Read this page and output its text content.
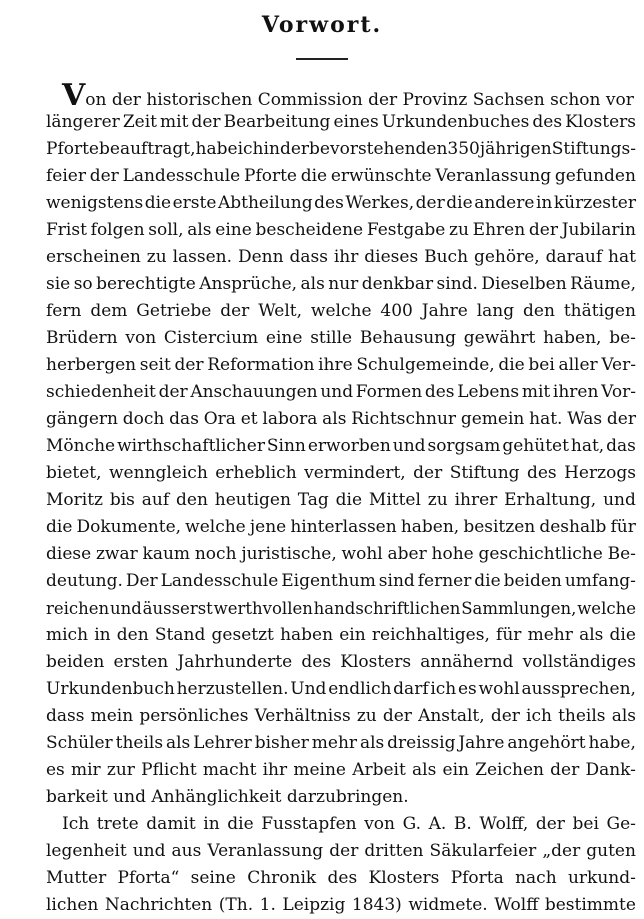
Vorwort.
Von der historischen Commission der Provinz Sachsen schon vor
längerer Zeit mit der Bearbeitung eines Urkundenbuches des Klosters
Pforte beauftragt, habe ich in der bevorstehenden 350jährigen Stiftungs-
feier der Landesschule Pforte die erwünschte Veranlassung gefunden
wenigstens die erste Abtheilung des Werkes, der die andere in kürzester
Frist folgen soll, als eine bescheidene Festgabe zu Ehren der Jubilarin
erscheinen zu lassen. Denn dass ihr dieses Buch gehöre, darauf hat
sie so berechtigte Ansprüche, als nur denkbar sind. Dieselben Räume,
fern dem Getriebe der Welt, welche 400 Jahre lang den thätigen
Brüdern von Cistercium eine stille Behausung gewährt haben, be-
herbergen seit der Reformation ihre Schulgemeinde, die bei aller Ver-
schiedenheit der Anschauungen und Formen des Lebens mit ihren Vor-
gängern doch das Ora et labora als Richtschnur gemein hat. Was der
Mönche wirthschaftlicher Sinn erworben und sorgsam gehütet hat, das
bietet, wenngleich erheblich vermindert, der Stiftung des Herzogs
Moritz bis auf den heutigen Tag die Mittel zu ihrer Erhaltung, und
die Dokumente, welche jene hinterlassen haben, besitzen deshalb für
diese zwar kaum noch juristische, wohl aber hohe geschichtliche Be-
deutung. Der Landesschule Eigenthum sind ferner die beiden umfang-
reichen und äusserst werthvollen handschriftlichen Sammlungen, welche
mich in den Stand gesetzt haben ein reichhaltiges, für mehr als die
beiden ersten Jahrhunderte des Klosters annähernd vollständiges
Urkundenbuch herzustellen. Und endlich darf ich es wohl aussprechen,
dass mein persönliches Verhältniss zu der Anstalt, der ich theils als
Schüler theils als Lehrer bisher mehr als dreissig Jahre angehört habe,
es mir zur Pflicht macht ihr meine Arbeit als ein Zeichen der Dank-
barkeit und Anhänglichkeit darzubringen.
Ich trete damit in die Fusstapfen von G. A. B. Wolff, der bei Ge-
legenheit und aus Veranlassung der dritten Säkularfeier „der guten
Mutter Pforta“ seine Chronik des Klosters Pforta nach urkund-
lichen Nachrichten (Th. 1. Leipzig 1843) widmete. Wolff bestimmte
